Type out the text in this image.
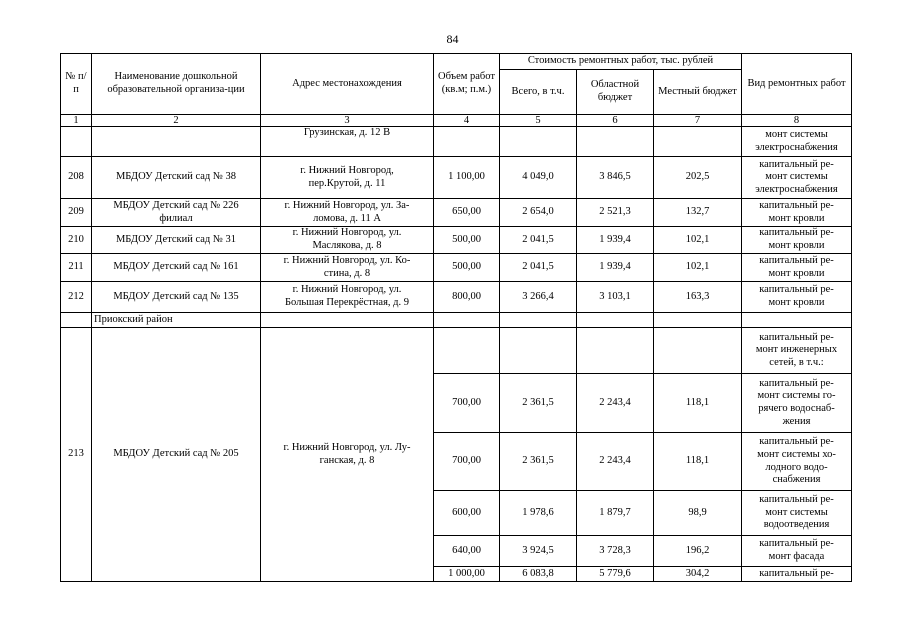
84
№ п/п	Наименование дошкольной образовательной организа-ции	Адрес местонахождения	Объем работ (кв.м; п.м.)	Стоимость ремонтных работ, тыс. рублей			Вид ремонтных работ
				Всего, в т.ч.	Областной бюджет	Местный бюджет	
1	2	3	4	5	6	7	8
		Грузинская, д. 12 В					монт системы
электроснабжения
208	МБДОУ Детский сад № 38	г. Нижний Новгород,
пер.Крутой, д. 11	1 100,00	4 049,0	3 846,5	202,5	капитальный ре-
монт системы
электроснабжения
209	МБДОУ Детский сад № 226
филиал	г. Нижний Новгород, ул. За-
ломова, д. 11 А	650,00	2 654,0	2 521,3	132,7	капитальный ре-
монт кровли
210	МБДОУ Детский сад № 31	г. Нижний Новгород, ул.
Маслякова, д. 8	500,00	2 041,5	1 939,4	102,1	капитальный ре-
монт кровли
211	МБДОУ Детский сад № 161	г. Нижний Новгород, ул. Ко-
стина, д. 8	500,00	2 041,5	1 939,4	102,1	капитальный ре-
монт кровли
212	МБДОУ Детский сад № 135	г. Нижний Новгород, ул.
Большая Перекрёстная, д. 9	800,00	3 266,4	3 103,1	163,3	капитальный ре-
монт кровли
	Приокский район						
213	МБДОУ Детский сад № 205	г. Нижний Новгород, ул. Лу-
ганская, д. 8					капитальный ре-
монт инженерных
сетей, в т.ч.:
			700,00	2 361,5	2 243,4	118,1	капитальный ре-
монт системы го-
рячего водоснаб-
жения
			700,00	2 361,5	2 243,4	118,1	капитальный ре-
монт системы хо-
лодного водо-
снабжения
			600,00	1 978,6	1 879,7	98,9	капитальный ре-
монт системы
водоотведения
			640,00	3 924,5	3 728,3	196,2	капитальный ре-
монт фасада
			1 000,00	6 083,8	5 779,6	304,2	капитальный ре-
